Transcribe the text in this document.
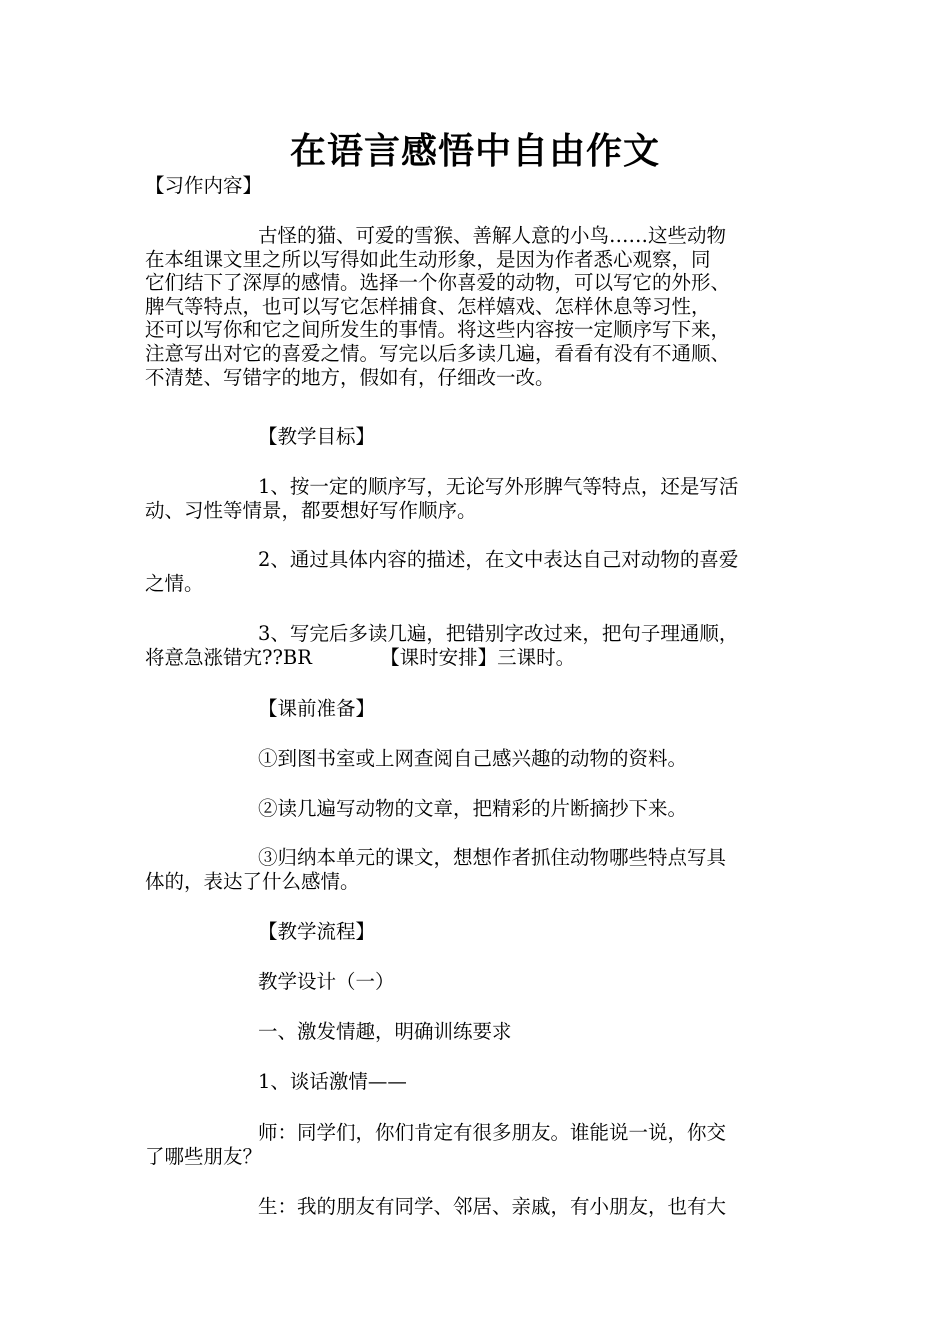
在语言感悟中自由作文

【习作内容】

古怪的猫、可爱的雪猴、善解人意的小鸟……这些动物
在本组课文里之所以写得如此生动形象，是因为作者悉心观察，同
它们结下了深厚的感情。选择一个你喜爱的动物，可以写它的外形、
脾气等特点，也可以写它怎样捕食、怎样嬉戏、怎样休息等习性，
还可以写你和它之间所发生的事情。将这些内容按一定顺序写下来，
注意写出对它的喜爱之情。写完以后多读几遍，看看有没有不通顺、
不清楚、写错字的地方，假如有，仔细改一改。

【教学目标】

1、按一定的顺序写，无论写外形脾气等特点，还是写活
动、习性等情景，都要想好写作顺序。

2、通过具体内容的描述，在文中表达自己对动物的喜爱
之情。

3、写完后多读几遍，把错别字改过来，把句子理通顺，
将意急涨错宄??BR　　　　【课时安排】三课时。

【课前准备】

①到图书室或上网查阅自己感兴趣的动物的资料。

②读几遍写动物的文章，把精彩的片断摘抄下来。

③归纳本单元的课文，想想作者抓住动物哪些特点写具
体的，表达了什么感情。

【教学流程】

教学设计（一）

一、激发情趣，明确训练要求

1、谈话激情——

师：同学们，你们肯定有很多朋友。谁能说一说，你交
了哪些朋友？

生：我的朋友有同学、邻居、亲戚，有小朋友，也有大
